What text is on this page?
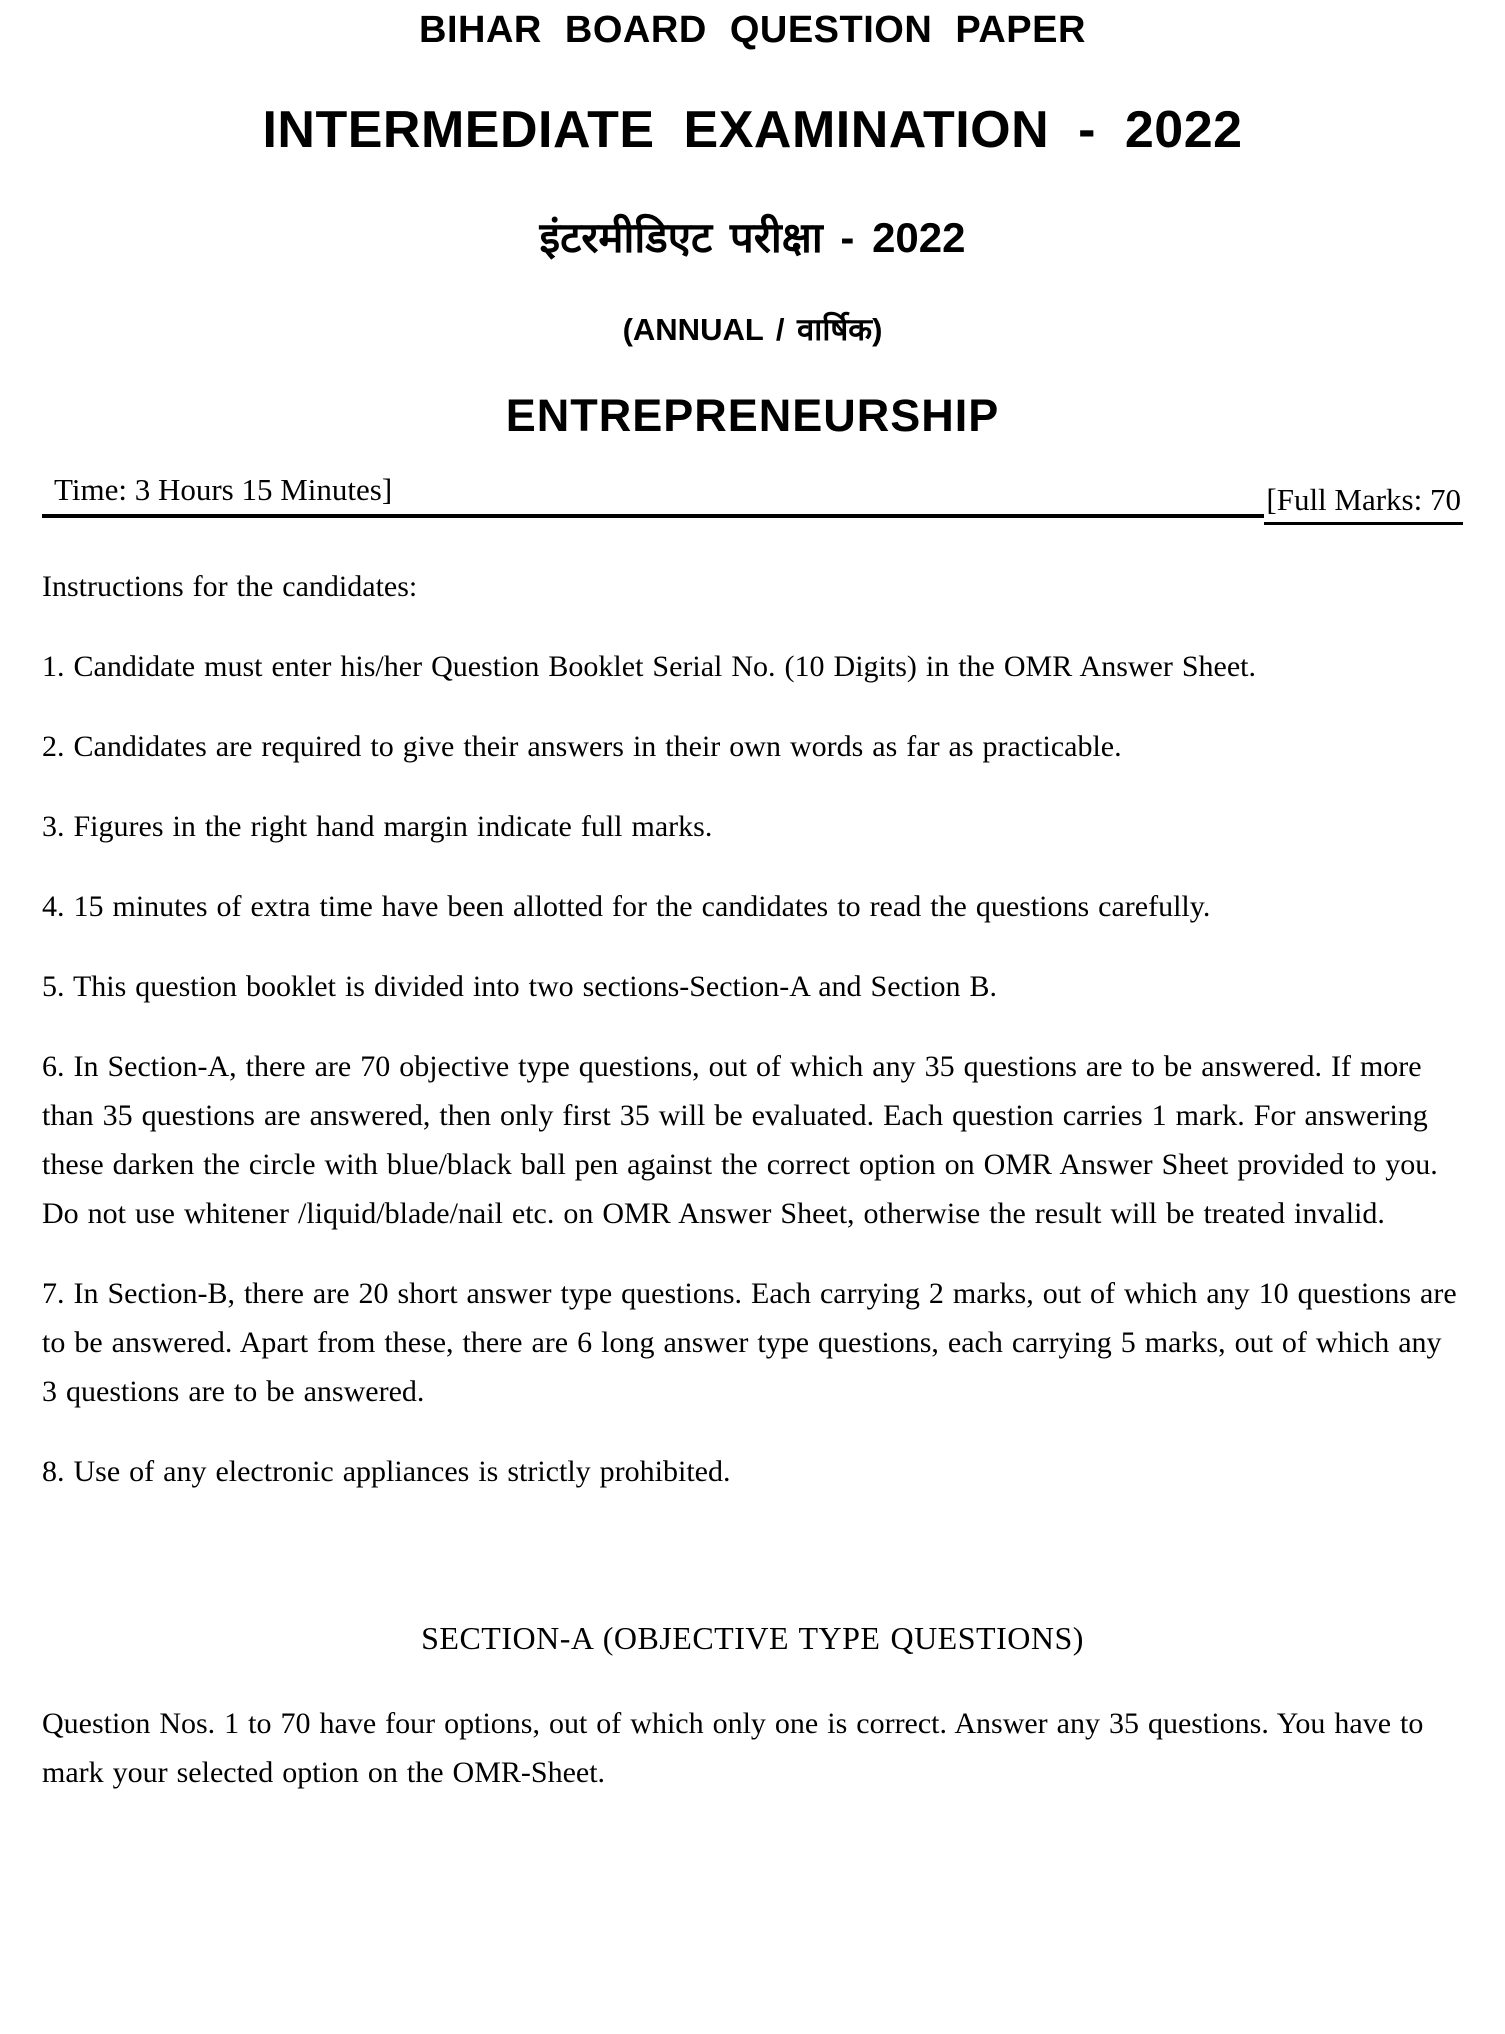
BIHAR BOARD QUESTION PAPER
INTERMEDIATE EXAMINATION - 2022
इंटरमीडिएट परीक्षा - 2022
(ANNUAL / वार्षिक)
ENTREPRENEURSHIP
Time: 3 Hours 15 Minutes]	[Full Marks: 70
Instructions for the candidates:

1. Candidate must enter his/her Question Booklet Serial No. (10 Digits) in the OMR Answer Sheet.

2. Candidates are required to give their answers in their own words as far as practicable.

3. Figures in the right hand margin indicate full marks.

4. 15 minutes of extra time have been allotted for the candidates to read the questions carefully.

5. This question booklet is divided into two sections-Section-A and Section B.

6. In Section-A, there are 70 objective type questions, out of which any 35 questions are to be answered. If more than 35 questions are answered, then only first 35 will be evaluated. Each question carries 1 mark. For answering these darken the circle with blue/black ball pen against the correct option on OMR Answer Sheet provided to you. Do not use whitener /liquid/blade/nail etc. on OMR Answer Sheet, otherwise the result will be treated invalid.

7. In Section-B, there are 20 short answer type questions. Each carrying 2 marks, out of which any 10 questions are to be answered. Apart from these, there are 6 long answer type questions, each carrying 5 marks, out of which any 3 questions are to be answered.

8. Use of any electronic appliances is strictly prohibited.

SECTION-A (OBJECTIVE TYPE QUESTIONS)

Question Nos. 1 to 70 have four options, out of which only one is correct. Answer any 35 questions. You have to mark your selected option on the OMR-Sheet.
